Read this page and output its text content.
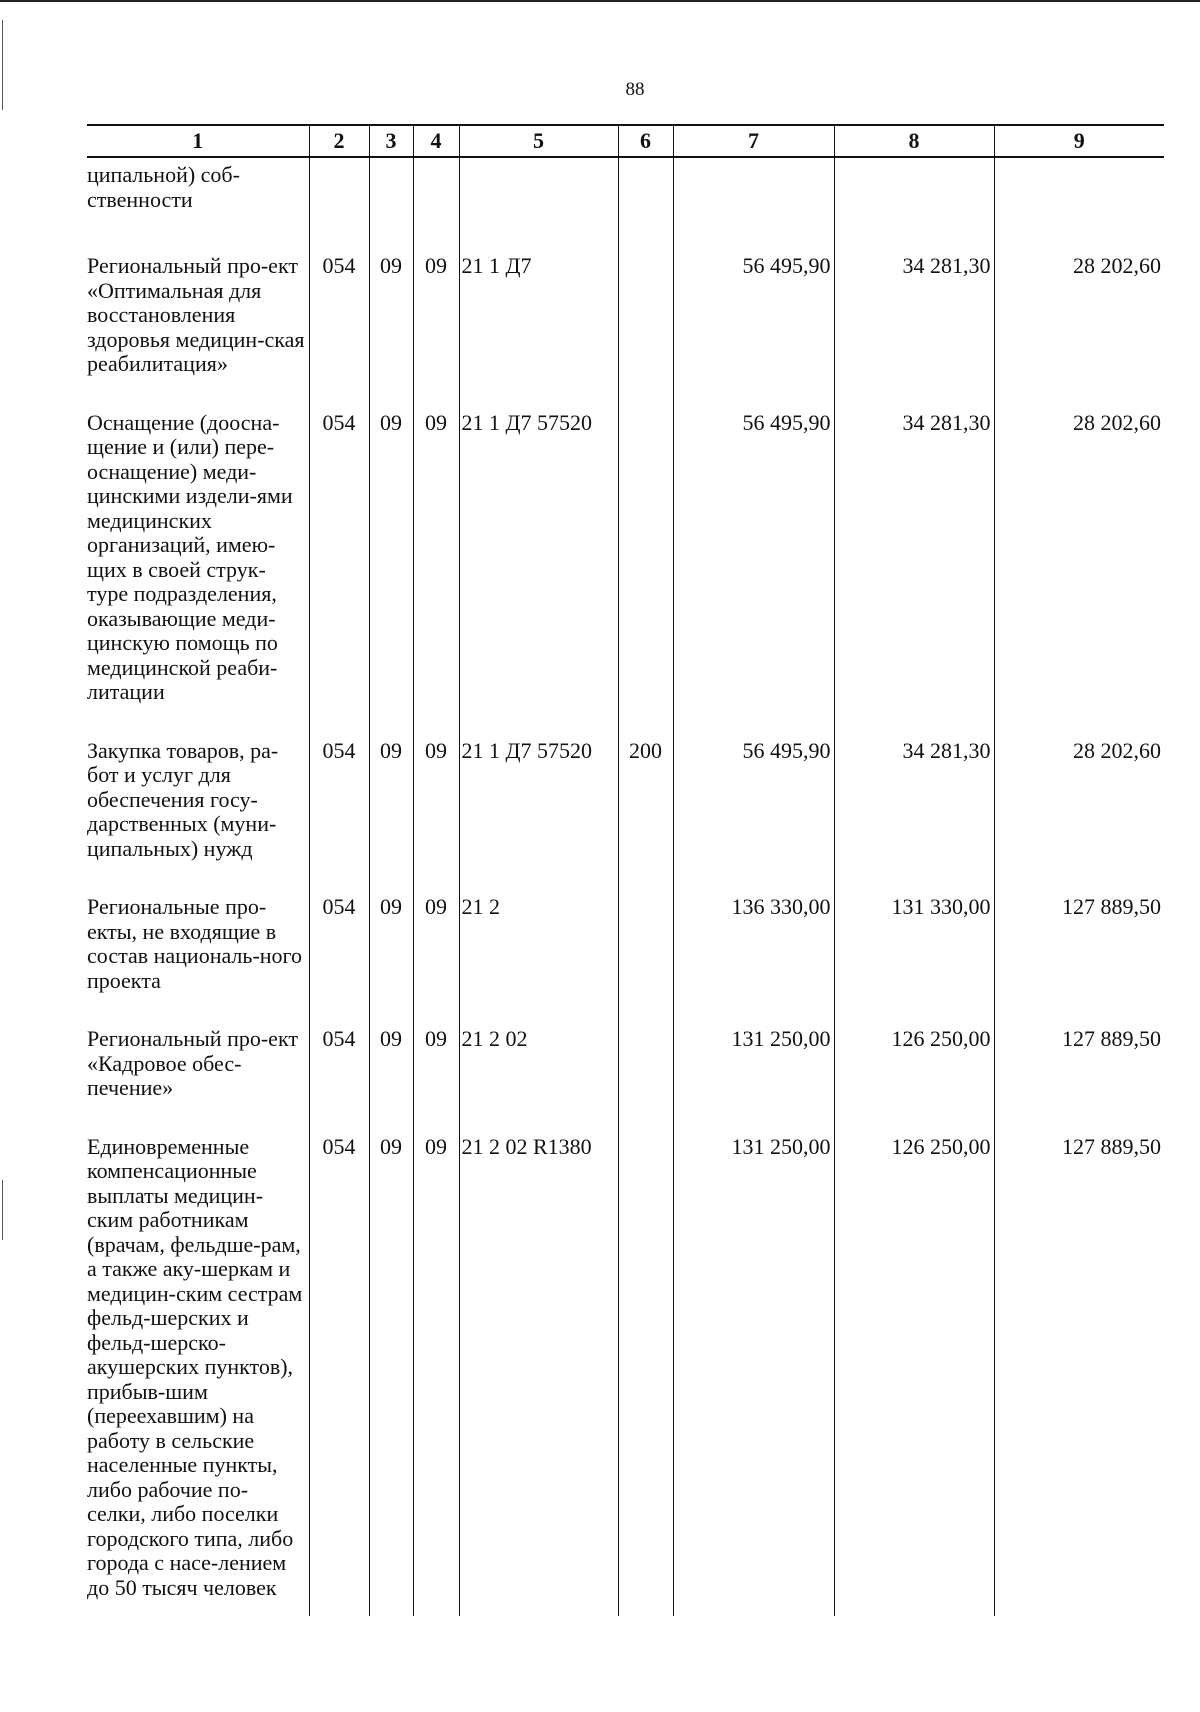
88
1	2	3	4	5	6	7	8	9
ципальной) соб-ственности								
Региональный про-ект «Оптимальная для восстановления здоровья медицин-ская реабилитация»	054	09	09	21 1 Д7		56 495,90	34 281,30	28 202,60
Оснащение (доосна-щение и (или) пере-оснащение) меди-цинскими издели-ями медицинских организаций, имею-щих в своей струк-туре подразделения, оказывающие меди-цинскую помощь по медицинской реаби-литации	054	09	09	21 1 Д7 57520		56 495,90	34 281,30	28 202,60
Закупка товаров, ра-бот и услуг для обеспечения госу-дарственных (муни-ципальных) нужд	054	09	09	21 1 Д7 57520	200	56 495,90	34 281,30	28 202,60
Региональные про-екты, не входящие в состав националь-ного проекта	054	09	09	21 2		136 330,00	131 330,00	127 889,50
Региональный про-ект «Кадровое обес-печение»	054	09	09	21 2 02		131 250,00	126 250,00	127 889,50
Единовременные компенсационные выплаты медицин-ским работникам (врачам, фельдше-рам, а также аку-шеркам и медицин-ским сестрам фельд-шерских и фельд-шерско-акушерских пунктов), прибыв-шим (переехавшим) на работу в сельские населенные пункты, либо рабочие по-селки, либо поселки городского типа, либо города с насе-лением до 50 тысяч человек	054	09	09	21 2 02 R1380		131 250,00	126 250,00	127 889,50
